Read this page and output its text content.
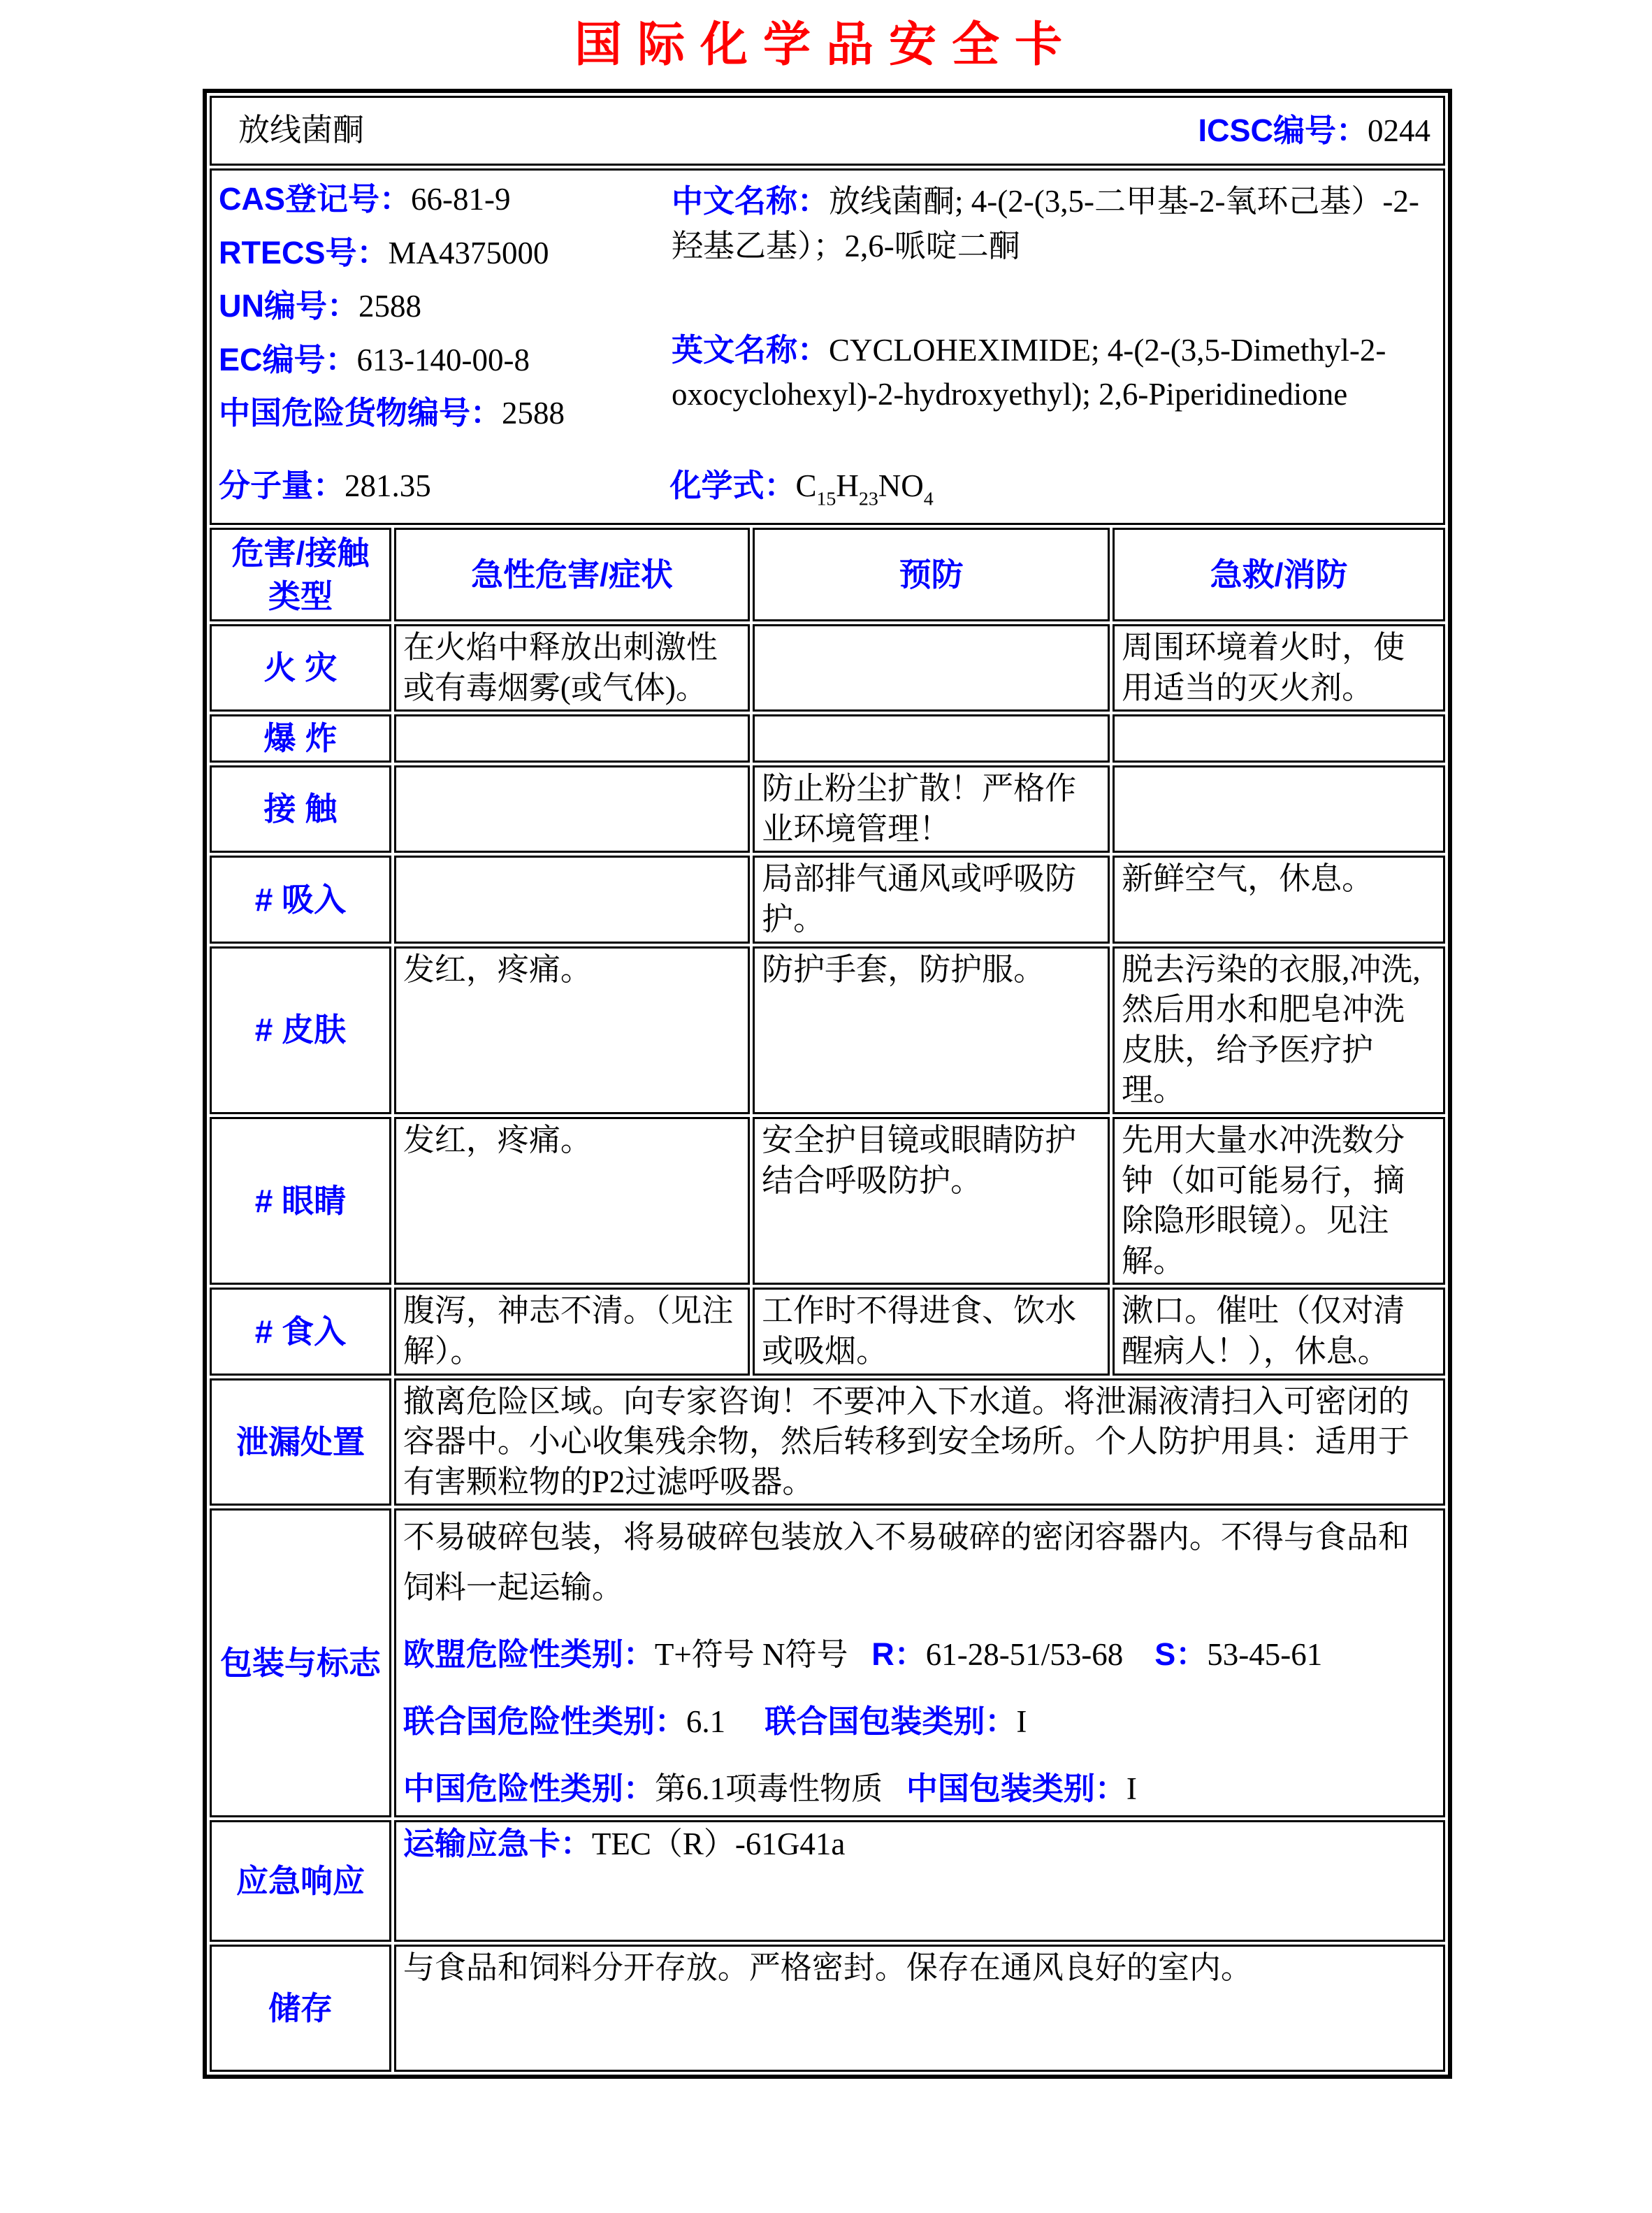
国际化学品安全卡
放线菌酮 ICSC编号：0244			

CAS登记号：66-81-9
RTECS号：MA4375000
UN编号：2588
EC编号：613-140-00-8
中国危险货物编号：2588

中文名称：放线菌酮; 4-(2-(3,5-二甲基-2-氧环己基）-2-羟基乙基）；2,6-哌啶二酮

英文名称：CYCLOHEXIMIDE; 4-(2-(3,5-Dimethyl-2-oxocyclohexyl)-2-hydroxyethyl); 2,6-Piperidinedione

分子量：281.35	化学式：$C_{15}H_{23}NO_4$

危害/接触类型	急性危害/症状	预防	急救/消防
火 灾	在火焰中释放出刺激性或有毒烟雾(或气体)。		周围环境着火时，使用适当的灭火剂。
爆 炸			
接 触		防止粉尘扩散！严格作业环境管理！	
# 吸入		局部排气通风或呼吸防护。	新鲜空气，休息。
# 皮肤	发红，疼痛。	防护手套，防护服。	脱去污染的衣服,冲洗,然后用水和肥皂冲洗皮肤，给予医疗护理。
# 眼睛	发红，疼痛。	安全护目镜或眼睛防护结合呼吸防护。	先用大量水冲洗数分钟（如可能易行，摘除隐形眼镜）。见注解。
# 食入	腹泻，神志不清。（见注解）。	工作时不得进食、饮水或吸烟。	漱口。催吐（仅对清醒病人！），休息。
泄漏处置	撤离危险区域。向专家咨询！不要冲入下水道。将泄漏液清扫入可密闭的容器中。小心收集残余物，然后转移到安全场所。个人防护用具：适用于有害颗粒物的P2过滤呼吸器。		
包装与标志	不易破碎包装，将易破碎包装放入不易破碎的密闭容器内。不得与食品和饲料一起运输。
欧盟危险性类别：T+符号 N符号   R：61-28-51/53-68    S：53-45-61
联合国危险性类别：6.1     联合国包装类别：I
中国危险性类别：第6.1项毒性物质   中国包装类别：I		

应急响应	运输应急卡：TEC（R）-61G41a		
储存	与食品和饲料分开存放。严格密封。保存在通风良好的室内。		
